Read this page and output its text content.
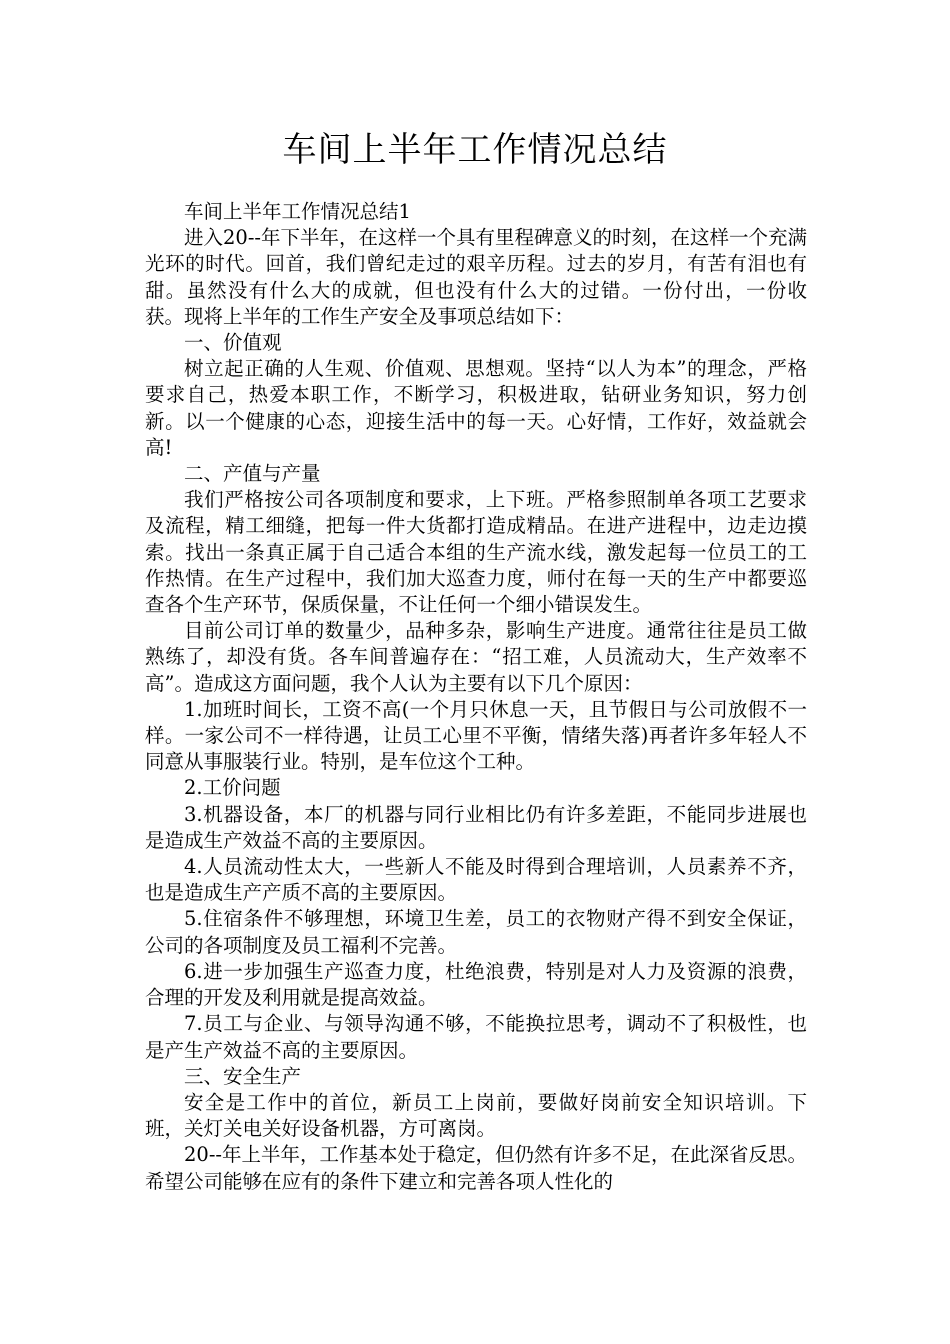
车间上半年工作情况总结

车间上半年工作情况总结1

进入20--年下半年，在这样一个具有里程碑意义的时刻，在这样一个充满光环的时代。回首，我们曾纪走过的艰辛历程。过去的岁月，有苦有泪也有甜。虽然没有什么大的成就，但也没有什么大的过错。一份付出，一份收获。现将上半年的工作生产安全及事项总结如下：

一、价值观

树立起正确的人生观、价值观、思想观。坚持“以人为本”的理念，严格要求自己，热爱本职工作，不断学习，积极进取，钻研业务知识，努力创新。以一个健康的心态，迎接生活中的每一天。心好情，工作好，效益就会高!

二、产值与产量

我们严格按公司各项制度和要求，上下班。严格参照制单各项工艺要求及流程，精工细缝，把每一件大货都打造成精品。在进产进程中，边走边摸索。找出一条真正属于自己适合本组的生产流水线，激发起每一位员工的工作热情。在生产过程中，我们加大巡查力度，师付在每一天的生产中都要巡查各个生产环节，保质保量，不让任何一个细小错误发生。

目前公司订单的数量少，品种多杂，影响生产进度。通常往往是员工做熟练了，却没有货。各车间普遍存在：“招工难，人员流动大，生产效率不高”。造成这方面问题，我个人认为主要有以下几个原因：

1.加班时间长，工资不高(一个月只休息一天，且节假日与公司放假不一样。一家公司不一样待遇，让员工心里不平衡，情绪失落)再者许多年轻人不同意从事服装行业。特别，是车位这个工种。

2.工价问题

3.机器设备，本厂的机器与同行业相比仍有许多差距，不能同步进展也是造成生产效益不高的主要原因。

4.人员流动性太大，一些新人不能及时得到合理培训，人员素养不齐，也是造成生产产质不高的主要原因。

5.住宿条件不够理想，环境卫生差，员工的衣物财产得不到安全保证，公司的各项制度及员工福利不完善。

6.进一步加强生产巡查力度，杜绝浪费，特别是对人力及资源的浪费，合理的开发及利用就是提高效益。

7.员工与企业、与领导沟通不够，不能换拉思考，调动不了积极性，也是产生产效益不高的主要原因。

三、安全生产

安全是工作中的首位，新员工上岗前，要做好岗前安全知识培训。下班，关灯关电关好设备机器，方可离岗。

20--年上半年，工作基本处于稳定，但仍然有许多不足，在此深省反思。希望公司能够在应有的条件下建立和完善各项人性化的
